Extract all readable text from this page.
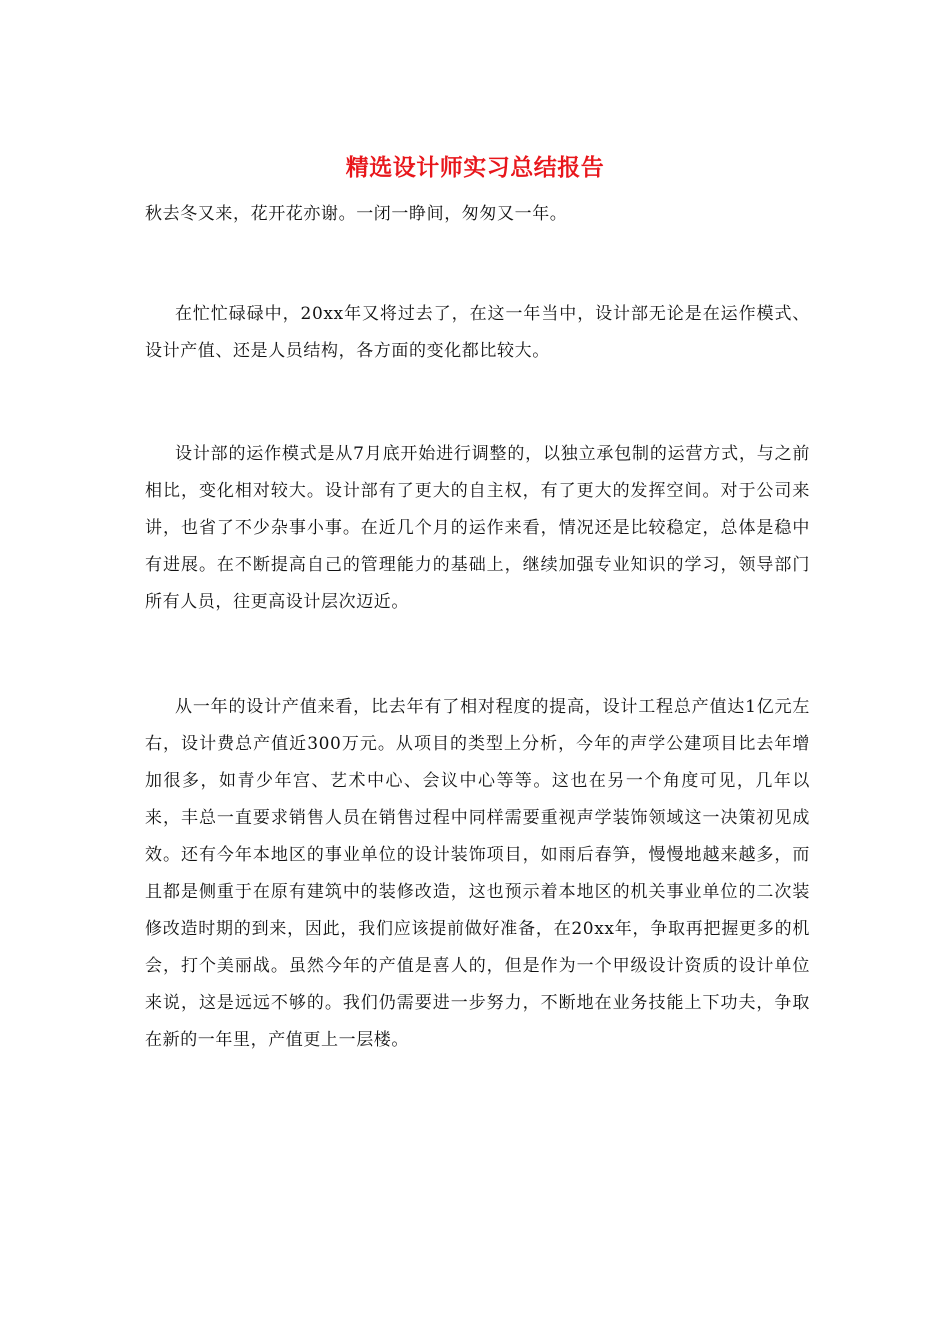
精选设计师实习总结报告
秋去冬又来，花开花亦谢。一闭一睁间，匆匆又一年。
在忙忙碌碌中，20xx年又将过去了，在这一年当中，设计部无论是在运作模式、设计产值、还是人员结构，各方面的变化都比较大。
设计部的运作模式是从7月底开始进行调整的，以独立承包制的运营方式，与之前相比，变化相对较大。设计部有了更大的自主权，有了更大的发挥空间。对于公司来讲，也省了不少杂事小事。在近几个月的运作来看，情况还是比较稳定，总体是稳中有进展。在不断提高自己的管理能力的基础上，继续加强专业知识的学习，领导部门所有人员，往更高设计层次迈近。
从一年的设计产值来看，比去年有了相对程度的提高，设计工程总产值达1亿元左右，设计费总产值近300万元。从项目的类型上分析，今年的声学公建项目比去年增加很多，如青少年宫、艺术中心、会议中心等等。这也在另一个角度可见，几年以来，丰总一直要求销售人员在销售过程中同样需要重视声学装饰领域这一决策初见成效。还有今年本地区的事业单位的设计装饰项目，如雨后春笋，慢慢地越来越多，而且都是侧重于在原有建筑中的装修改造，这也预示着本地区的机关事业单位的二次装修改造时期的到来，因此，我们应该提前做好准备，在20xx年，争取再把握更多的机会，打个美丽战。虽然今年的产值是喜人的，但是作为一个甲级设计资质的设计单位来说，这是远远不够的。我们仍需要进一步努力，不断地在业务技能上下功夫，争取在新的一年里，产值更上一层楼。
